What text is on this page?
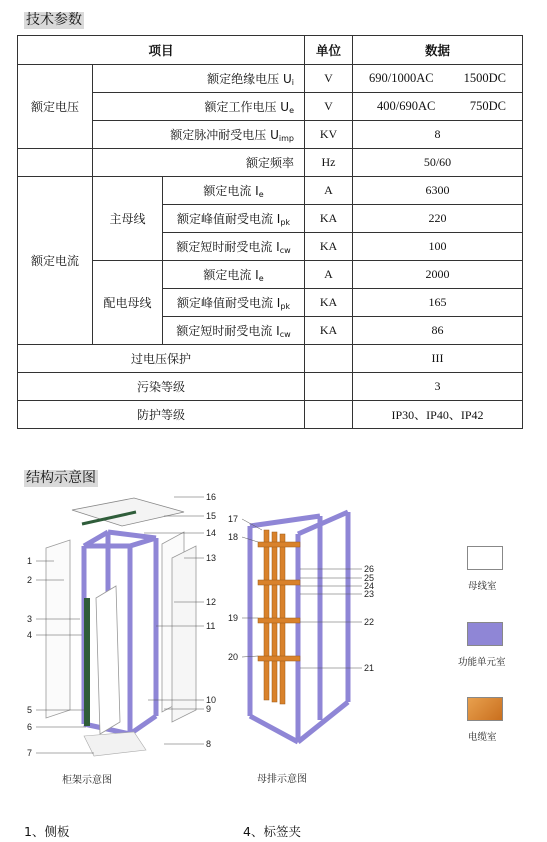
技术参数
项目			单位	数据
额定电压	额定绝缘电压 $U_i$		V	690/1000AC 1500DC

	额定工作电压 $U_e$		V	400/690AC 750DC

	额定脉冲耐受电压 $U_{imp}$		KV	8
	额定频率		Hz	50/60
额定电流	主母线	额定电流 $I_e$	A	6300
		额定峰值耐受电流 $I_{pk}$	KA	220
		额定短时耐受电流 $I_{cw}$	KA	100
	配电母线	额定电流 $I_e$	A	2000
		额定峰值耐受电流 $I_{pk}$	KA	165
		额定短时耐受电流 $I_{cw}$	KA	86
过电压保护				III
污染等级				3
防护等级				IP30、IP40、IP42
结构示意图
1
2
3
4
5
6
7
8
9
10
11
12
13
14
15
16
柜架示意图
17
18
19
20
21
22
23
24
25
26
母排示意图
母线室
功能单元室
电缆室
1、侧板	4、标签夹
